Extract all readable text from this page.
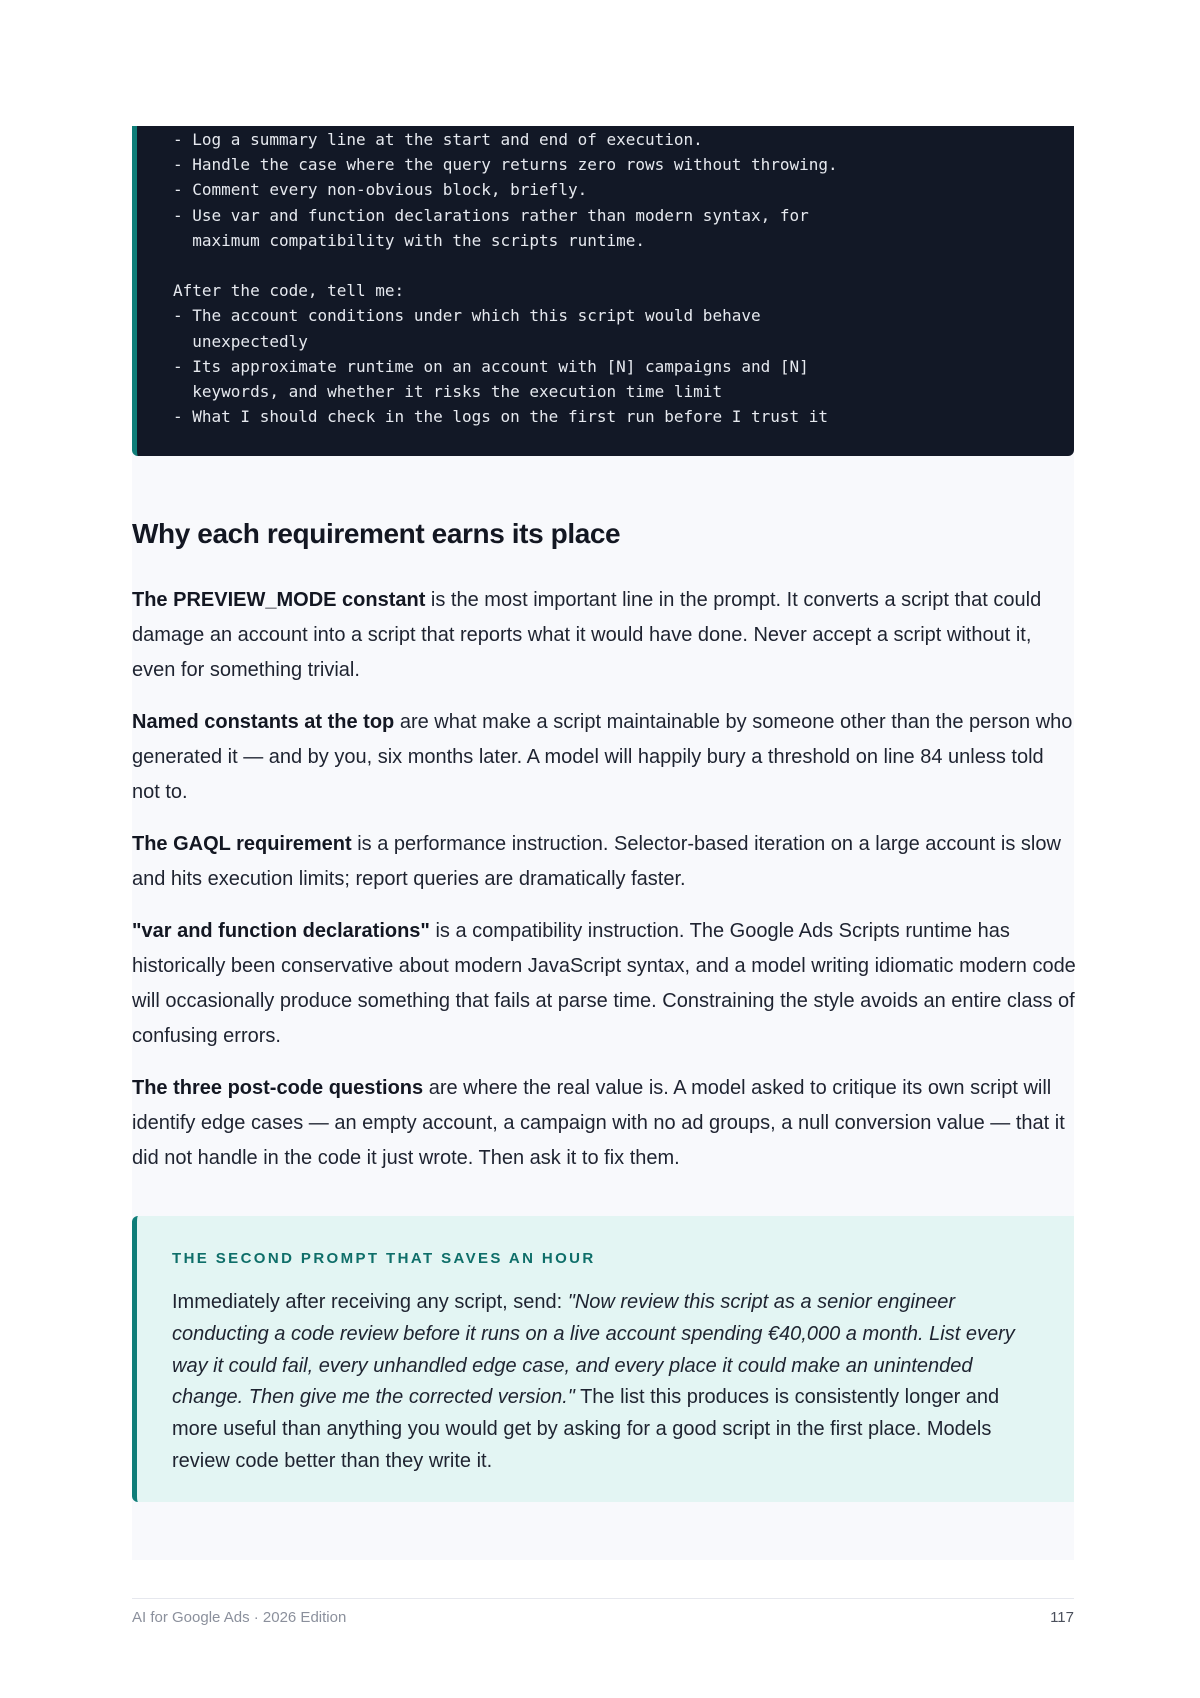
- Log a summary line at the start and end of execution.
- Handle the case where the query returns zero rows without throwing.
- Comment every non-obvious block, briefly.
- Use var and function declarations rather than modern syntax, for
maximum compatibility with the scripts runtime.

After the code, tell me:
- The account conditions under which this script would behave
unexpectedly
- Its approximate runtime on an account with [N] campaigns and [N]
keywords, and whether it risks the execution time limit
- What I should check in the logs on the first run before I trust it
Why each requirement earns its place

The PREVIEW_MODE constant is the most important line in the prompt. It converts a script that could damage an account into a script that reports what it would have done. Never accept a script without it, even for something trivial.

Named constants at the top are what make a script maintainable by someone other than the person who generated it — and by you, six months later. A model will happily bury a threshold on line 84 unless told not to.

The GAQL requirement is a performance instruction. Selector-based iteration on a large account is slow and hits execution limits; report queries are dramatically faster.

"var and function declarations" is a compatibility instruction. The Google Ads Scripts runtime has historically been conservative about modern JavaScript syntax, and a model writing idiomatic modern code will occasionally produce something that fails at parse time. Constraining the style avoids an entire class of confusing errors.

The three post-code questions are where the real value is. A model asked to critique its own script will identify edge cases — an empty account, a campaign with no ad groups, a null conversion value — that it did not handle in the code it just wrote. Then ask it to fix them.

THE SECOND PROMPT THAT SAVES AN HOUR

Immediately after receiving any script, send: "Now review this script as a senior engineer conducting a code review before it runs on a live account spending €40,000 a month. List every way it could fail, every unhandled edge case, and every place it could make an unintended change. Then give me the corrected version." The list this produces is consistently longer and more useful than anything you would get by asking for a good script in the first place. Models review code better than they write it.

AI for Google Ads · 2026 Edition	117
